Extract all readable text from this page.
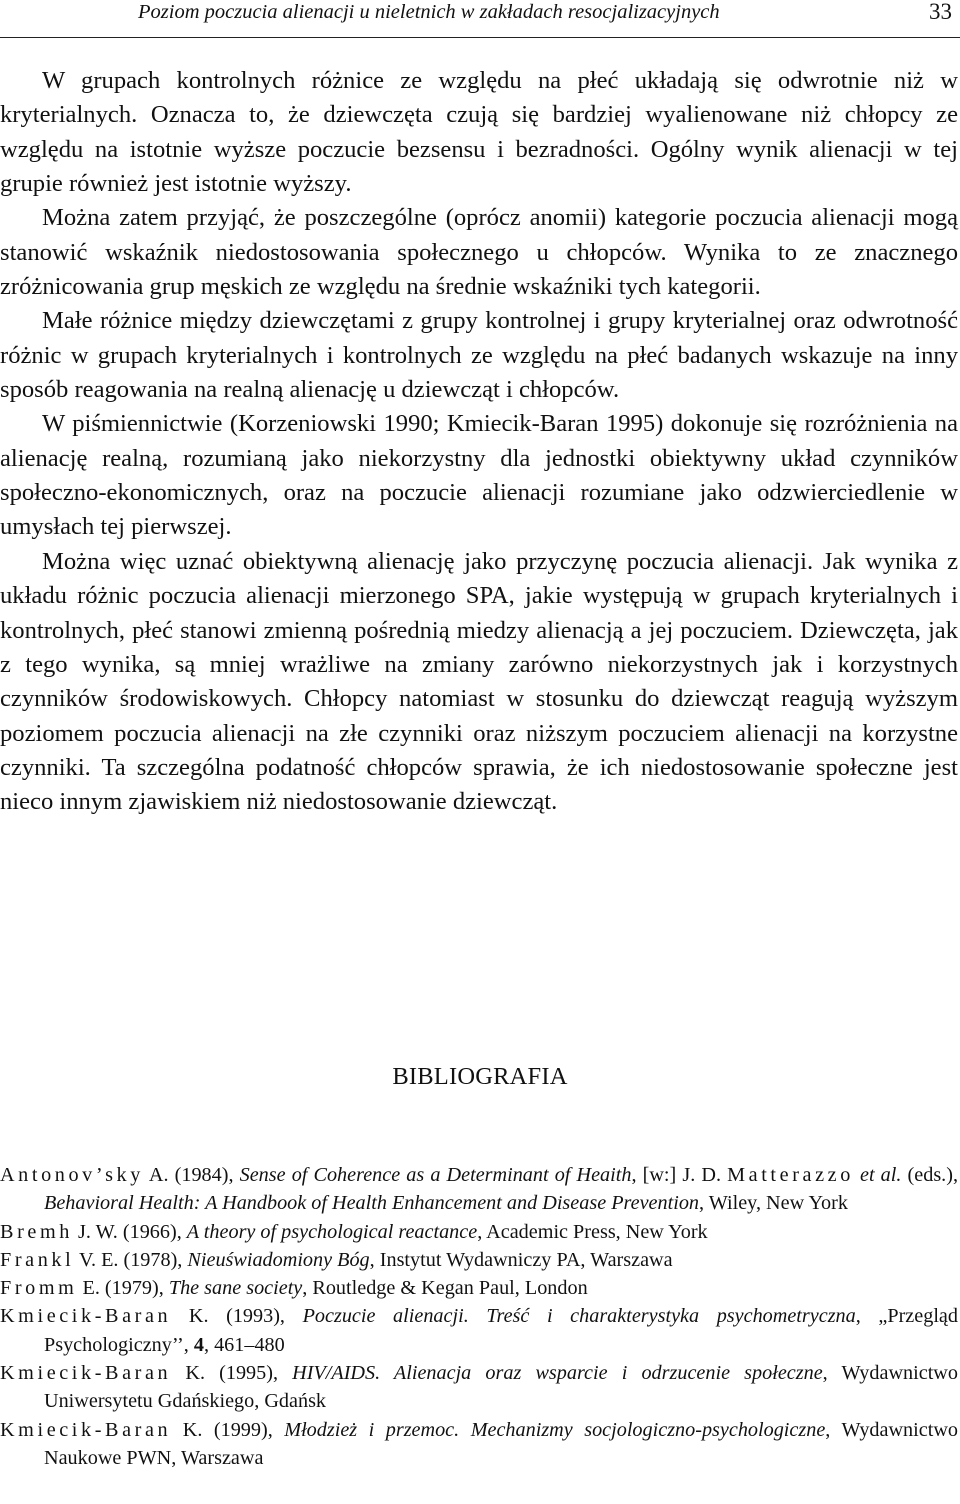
Poziom poczucia alienacji u nieletnich w zakładach resocjalizacyjnych	33

W grupach kontrolnych różnice ze względu na płeć układają się odwrotnie niż w kryterialnych. Oznacza to, że dziewczęta czują się bardziej wyalienowane niż chłopcy ze względu na istotnie wyższe poczucie bezsensu i bezradności. Ogólny wynik alienacji w tej grupie również jest istotnie wyższy.

Można zatem przyjąć, że poszczególne (oprócz anomii) kategorie poczucia alienacji mogą stanowić wskaźnik niedostosowania społecznego u chłopców. Wynika to ze znacznego zróżnicowania grup męskich ze względu na średnie wskaźniki tych kategorii.

Małe różnice między dziewczętami z grupy kontrolnej i grupy kryterialnej oraz odwrotność różnic w grupach kryterialnych i kontrolnych ze względu na płeć badanych wskazuje na inny sposób reagowania na realną alienację u dziewcząt i chłopców.

W piśmiennictwie (Korzeniowski 1990; Kmiecik-Baran 1995) dokonuje się rozróżnienia na alienację realną, rozumianą jako niekorzystny dla jednostki obiektywny układ czynników społeczno-ekonomicznych, oraz na poczucie alienacji rozumiane jako odzwierciedlenie w umysłach tej pierwszej.

Można więc uznać obiektywną alienację jako przyczynę poczucia alienacji. Jak wynika z układu różnic poczucia alienacji mierzonego SPA, jakie występują w grupach kryterialnych i kontrolnych, płeć stanowi zmienną pośrednią miedzy alienacją a jej poczuciem. Dziewczęta, jak z tego wynika, są mniej wrażliwe na zmiany zarówno niekorzystnych jak i korzystnych czynników środowiskowych. Chłopcy natomiast w stosunku do dziewcząt reagują wyższym poziomem poczucia alienacji na złe czynniki oraz niższym poczuciem alienacji na korzystne czynniki. Ta szczególna podatność chłopców sprawia, że ich niedostosowanie społeczne jest nieco innym zjawiskiem niż niedostosowanie dziewcząt.

BIBLIOGRAFIA

Antonov’sky A. (1984), Sense of Coherence as a Determinant of Heaith, [w:] J. D. Matterazzo et al. (eds.), Behavioral Health: A Handbook of Health Enhancement and Disease Prevention, Wiley, New York

Bremh J. W. (1966), A theory of psychological reactance, Academic Press, New York

Frankl V. E. (1978), Nieuświadomiony Bóg, Instytut Wydawniczy PA, Warszawa

Fromm E. (1979), The sane society, Routledge & Kegan Paul, London

Kmiecik-Baran K. (1993), Poczucie alienacji. Treść i charakterystyka psychometryczna, „Przegląd Psychologiczny’’, 4, 461–480

Kmiecik-Baran K. (1995), HIV/AIDS. Alienacja oraz wsparcie i odrzucenie społeczne, Wydawnictwo Uniwersytetu Gdańskiego, Gdańsk

Kmiecik-Baran K. (1999), Młodzież i przemoc. Mechanizmy socjologiczno-psychologiczne, Wydawnictwo Naukowe PWN, Warszawa
